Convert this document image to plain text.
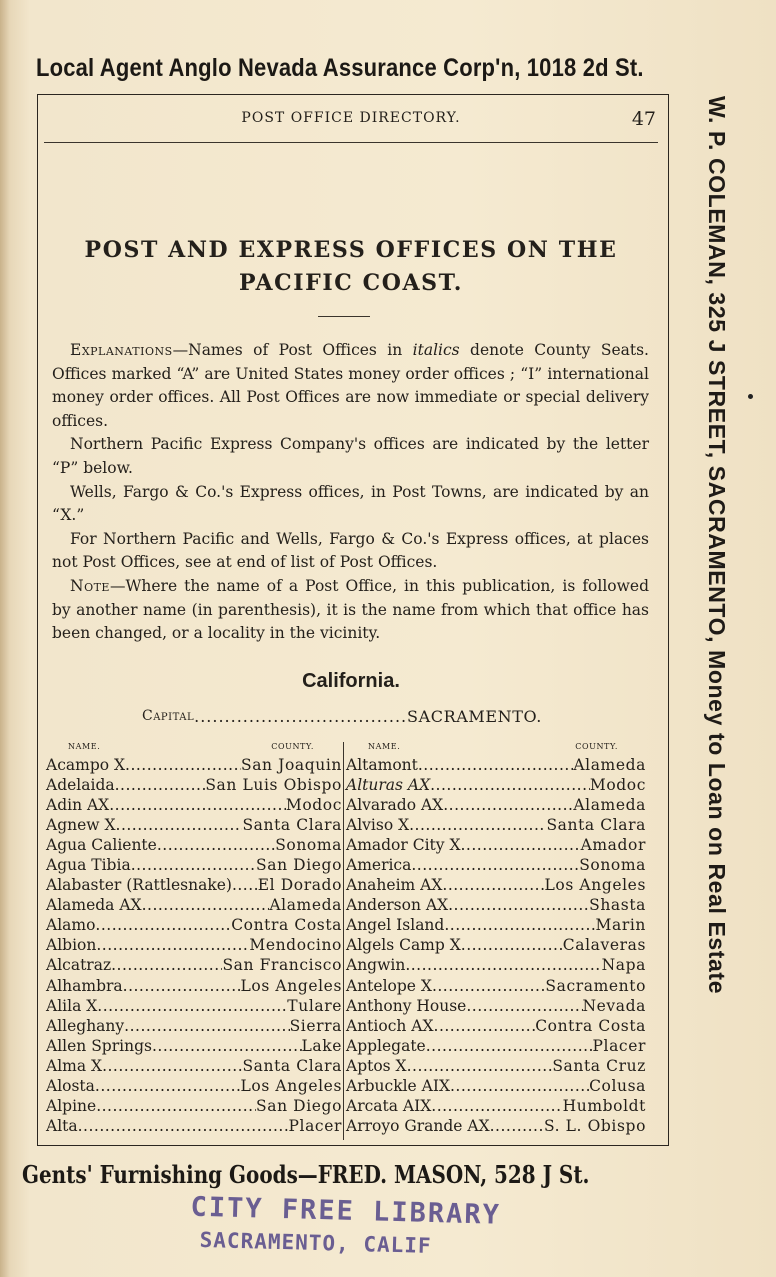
Local Agent Anglo Nevada Assurance Corp'n, 1018 2d St.
W. P. COLEMAN, 325 J STREET, SACRAMENTO, Money to Loan on Real Estate
POST OFFICE DIRECTORY.	47
POST AND EXPRESS OFFICES ON THE
PACIFIC COAST.

Explanations—Names of Post Offices in italics denote County Seats. Offices marked “A” are United States money order offices ; “I” international money order offices. All Post Offices are now immediate or special delivery offices.

Northern Pacific Express Company's offices are indicated by the letter “P” below.

Wells, Fargo & Co.'s Express offices, in Post Towns, are indicated by an “X.”

For Northern Pacific and Wells, Fargo & Co.'s Express offices, at places not Post Offices, see at end of list of Post Offices.

Note—Where the name of a Post Office, in this publication, is followed by another name (in parenthesis), it is the name from which that office has been changed, or a locality in the vicinity.

California.
Capital .....	SACRAMENTO.
NAME.	COUNTY.	NAME.	COUNTY.
Acampo X .....	San Joaquin
Adelaida .....	San Luis Obispo
Adin AX .....	Modoc
Agnew X .....	Santa Clara
Agua Caliente .....	Sonoma
Agua Tibia .....	San Diego
Alabaster (Rattlesnake) ..... El Dorado
Alameda AX .....	Alameda
Alamo .....	Contra Costa
Albion .....	Mendocino
Alcatraz .....	San Francisco
Alhambra .....	Los Angeles
Alila X .....	Tulare
Alleghany .....	Sierra
Allen Springs .....	Lake
Alma X .....	Santa Clara
Alosta .....	Los Angeles
Alpine .....	San Diego
Alta .....	Placer
Altamont .....	Alameda
Alturas AX .....	Modoc
Alvarado AX .....	Alameda
Alviso X .....	Santa Clara
Amador City X .....	Amador
America .....	Sonoma
Anaheim AX .....	Los Angeles
Anderson AX .....	Shasta
Angel Island .....	Marin
Algels Camp X .....	Calaveras
Angwin .....	Napa
Antelope X .....	Sacramento
Anthony House .....	Nevada
Antioch AX .....	Contra Costa
Applegate .....	Placer
Aptos X .....	Santa Cruz
Arbuckle AIX .....	Colusa
Arcata AIX .....	Humboldt
Arroyo Grande AX .....	S. L. Obispo
Gents' Furnishing Goods—FRED. MASON, 528 J St.
CITY FREE LIBRARY
SACRAMENTO, CALIF
